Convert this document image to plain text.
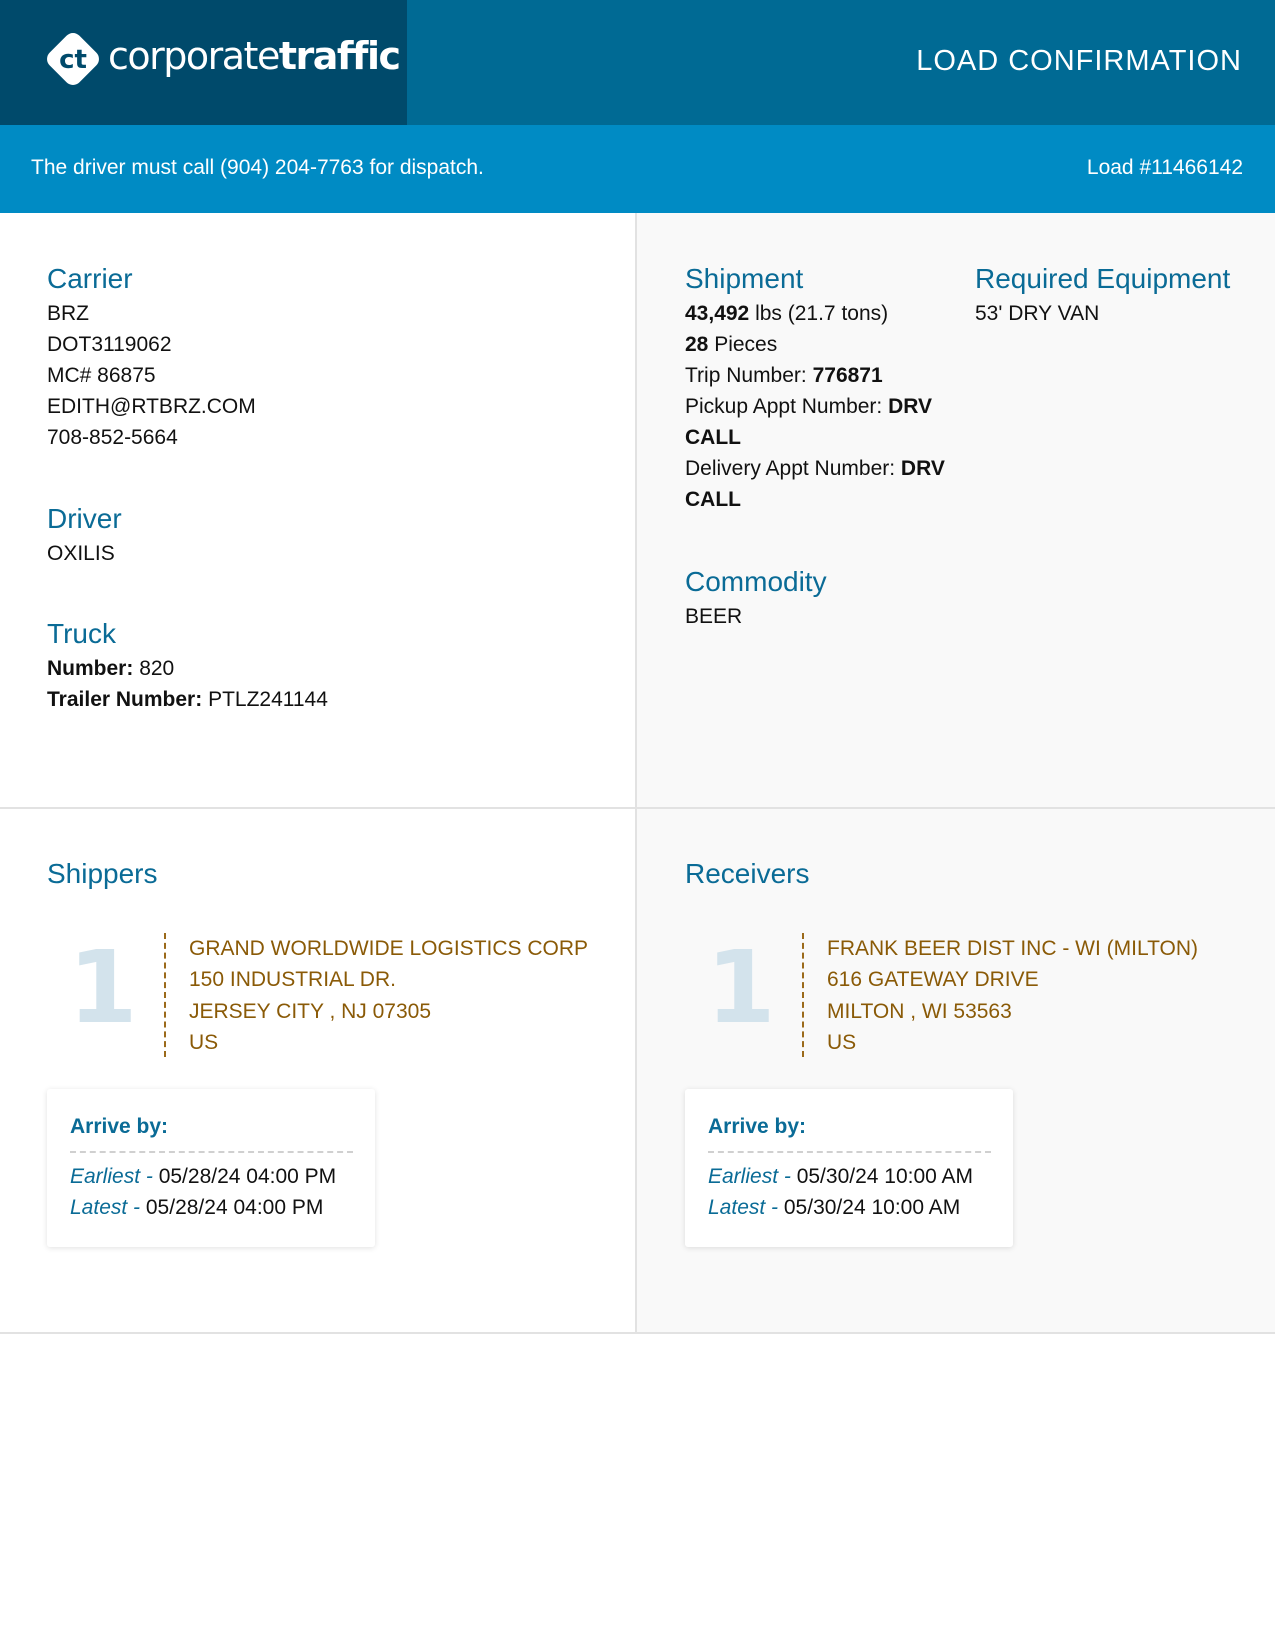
ct corporatetraffic	LOAD CONFIRMATION
The driver must call (904) 204-7763 for dispatch.	Load #11466142
Carrier
BRZ
DOT3119062
MC# 86875
EDITH@RTBRZ.COM
708-852-5664
Driver
OXILIS
Truck
Number: 820
Trailer Number: PTLZ241144
Shipment
43,492 lbs (21.7 tons)
28 Pieces
Trip Number: 776871
Pickup Appt Number: DRV
CALL
Delivery Appt Number: DRV
CALL
Required Equipment
53' DRY VAN
Commodity
BEER
Shippers
1 GRAND WORLDWIDE LOGISTICS CORP
150 INDUSTRIAL DR.
JERSEY CITY , NJ 07305
US
Arrive by:
Earliest - 05/28/24 04:00 PM
Latest - 05/28/24 04:00 PM
Receivers
1 FRANK BEER DIST INC - WI (MILTON)
616 GATEWAY DRIVE
MILTON , WI 53563
US
Arrive by:
Earliest - 05/30/24 10:00 AM
Latest - 05/30/24 10:00 AM
